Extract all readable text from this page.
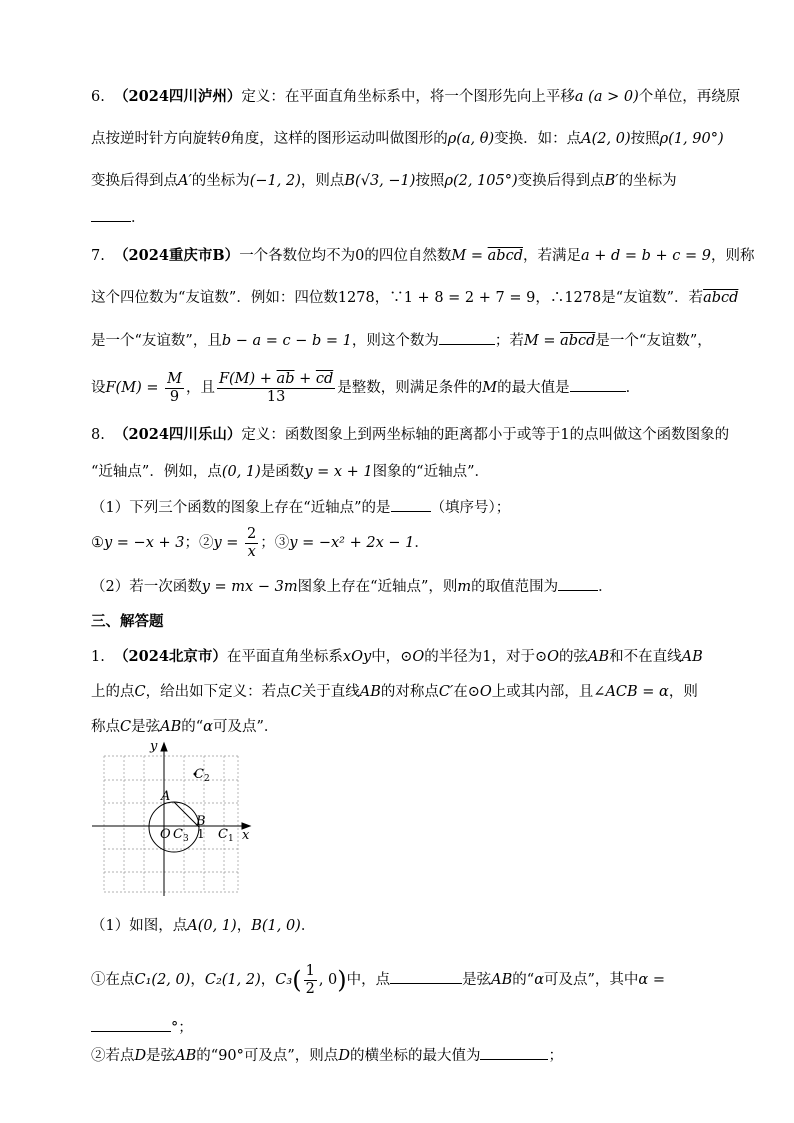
6. （2024四川泸州）定义：在平面直角坐标系中，将一个图形先向上平移a (a > 0)个单位，再绕原
点按逆时针方向旋转θ角度，这样的图形运动叫做图形的ρ(a, θ)变换．如：点A(2, 0)按照ρ(1, 90°)
变换后得到点A′的坐标为(−1, 2)，则点B(√3, −1)按照ρ(2, 105°)变换后得到点B′的坐标为
．
7. （2024重庆市B）一个各数位均不为0的四位自然数M = abcd，若满足a + d = b + c = 9，则称
这个四位数为“友谊数”．例如：四位数1278，∵1 + 8 = 2 + 7 = 9，∴1278是“友谊数”．若abcd
是一个“友谊数”，且b − a = c − b = 1，则这个数为	；若M = abcd是一个“友谊数”，
设$F(M) = \frac{M}{9}$ ，且 $\frac{F(M) + \overline{ab} + \overline{cd}}{13}$ 是整数，则满足条件的M的最大值是	．
8. （2024四川乐山）定义：函数图象上到两坐标轴的距离都小于或等于1的点叫做这个函数图象的
“近轴点”．例如，点(0, 1)是函数y = x + 1图象的“近轴点”．
（1）下列三个函数的图象上存在“近轴点”的是	（填序号）；
①y = −x + 3；②y = $\frac{2}{x}$ ；③y = −x² + 2x − 1．
（2）若一次函数y = mx − 3m图象上存在“近轴点”，则m的取值范围为	．
三、解答题
1. （2024北京市）在平面直角坐标系xOy中，⊙O的半径为1，对于⊙O的弦AB和不在直线AB
上的点C，给出如下定义：若点C关于直线AB的对称点C′在⊙O上或其内部，且∠ACB = α，则
称点C是弦AB的“α可及点”．
x
y
O
A
B
1 $C_1$
$C_2$
$C_3$
（1）如图，点A(0, 1)，B(1, 0)．
①在点C₁(2, 0)，C₂(1, 2)，$C_3( \frac{1}{2}$ , 0)中，点	是弦AB的“α可及点”，其中α =
°；
②若点D是弦AB的“90°可及点”，则点D的横坐标的最大值为	；
